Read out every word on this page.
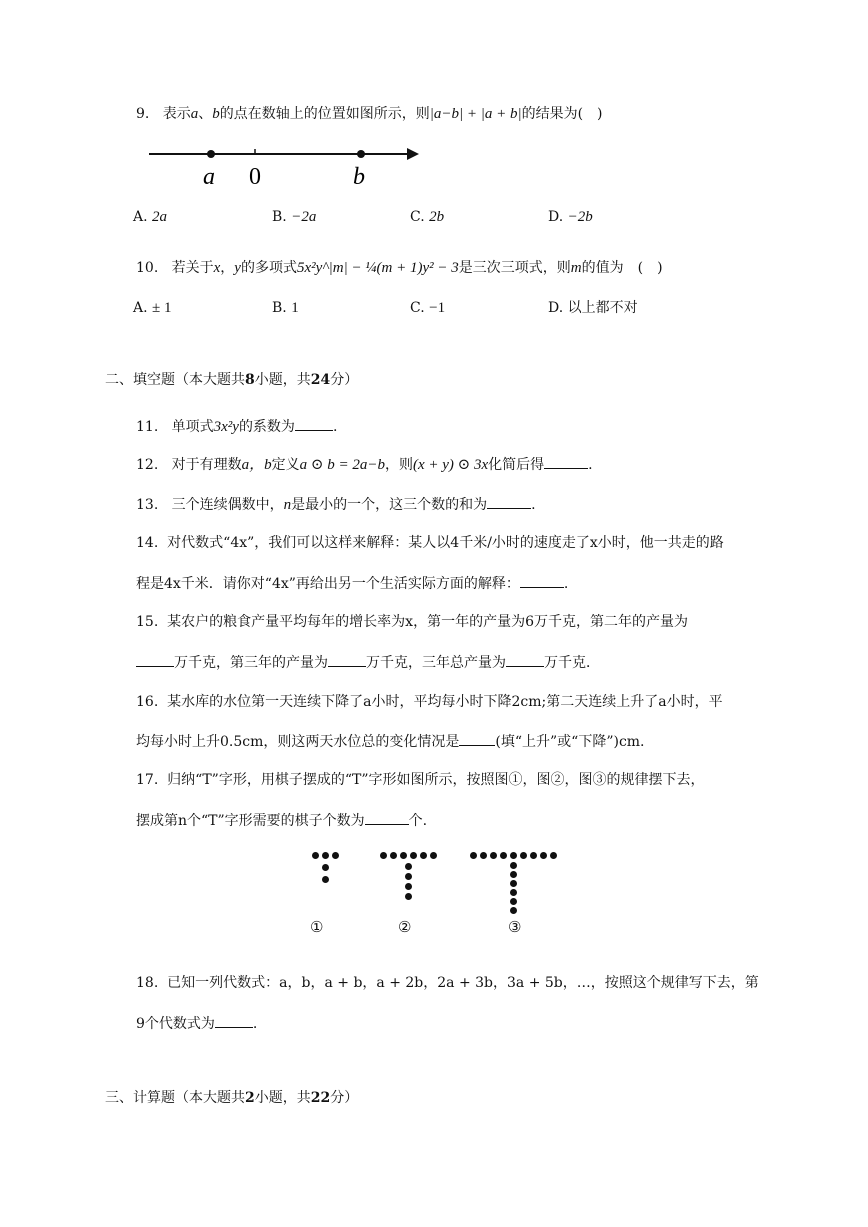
9. 表示a、b的点在数轴上的位置如图所示，则|a−b| + |a + b|的结果为(　)
a 0	b
A. 2a	B. −2a	C. 2b	D. −2b
10. 若关于x，y的多项式5x²y^|m| − ¼(m + 1)y² − 3是三次三项式，则m的值为　(　)
A. ± 1	B. 1	C. −1	D. 以上都不对
二、填空题（本大题共8小题，共24分）
11. 单项式3x²y的系数为	.
12. 对于有理数a，b定义a ⊙ b = 2a−b，则(x + y) ⊙ 3x化简后得	.
13. 三个连续偶数中，n是最小的一个，这三个数的和为	.
14. 对代数式“4x”，我们可以这样来解释：某人以4千米/小时的速度走了x小时，他一共走的路
程是4x千米．请你对“4x”再给出另一个生活实际方面的解释：	.
15. 某农户的粮食产量平均每年的增长率为x，第一年的产量为6万千克，第二年的产量为
万千克，第三年的产量为	万千克，三年总产量为	万千克．
16. 某水库的水位第一天连续下降了a小时，平均每小时下降2cm;第二天连续上升了a小时，平
均每小时上升0.5cm，则这两天水位总的变化情况是	(填“上升”或“下降”)cm.
17. 归纳“T”字形，用棋子摆成的“T”字形如图所示，按照图①，图②，图③的规律摆下去，
摆成第n个“T”字形需要的棋子个数为	个.
①	②	③
18. 已知一列代数式：a，b，a + b，a + 2b，2a + 3b，3a + 5b，…，按照这个规律写下去，第
9个代数式为	.
三、计算题（本大题共2小题，共22分）
